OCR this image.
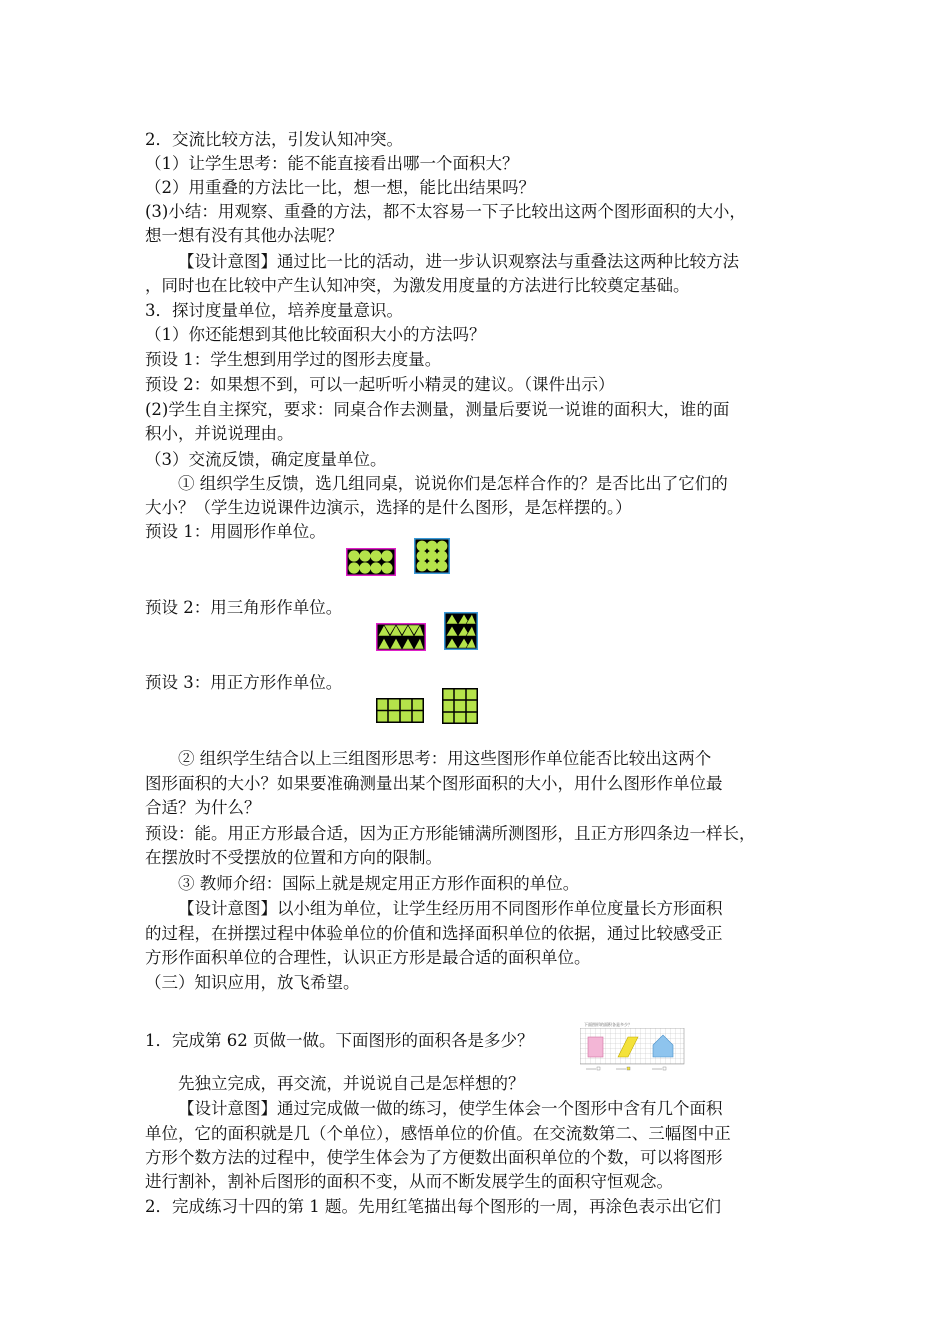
2．交流比较方法，引发认知冲突。
（1）让学生思考：能不能直接看出哪一个面积大？
（2）用重叠的方法比一比，想一想，能比出结果吗？
(3)小结：用观察、重叠的方法，都不太容易一下子比较出这两个图形面积的大小，
想一想有没有其他办法呢？
【设计意图】通过比一比的活动，进一步认识观察法与重叠法这两种比较方法
，同时也在比较中产生认知冲突，为激发用度量的方法进行比较奠定基础。
3．探讨度量单位，培养度量意识。
（1）你还能想到其他比较面积大小的方法吗？
预设 1：学生想到用学过的图形去度量。
预设 2：如果想不到，可以一起听听小精灵的建议。（课件出示）
(2)学生自主探究，要求：同桌合作去测量，测量后要说一说谁的面积大，谁的面
积小，并说说理由。
（3）交流反馈，确定度量单位。
① 组织学生反馈，选几组同桌，说说你们是怎样合作的？是否比出了它们的
大小？（学生边说课件边演示，选择的是什么图形，是怎样摆的。）
预设 1：用圆形作单位。
预设 2：用三角形作单位。
预设 3：用正方形作单位。
② 组织学生结合以上三组图形思考：用这些图形作单位能否比较出这两个
图形面积的大小？如果要准确测量出某个图形面积的大小，用什么图形作单位最
合适？为什么？
预设：能。用正方形最合适，因为正方形能铺满所测图形，且正方形四条边一样长，
在摆放时不受摆放的位置和方向的限制。
③ 教师介绍：国际上就是规定用正方形作面积的单位。
【设计意图】以小组为单位，让学生经历用不同图形作单位度量长方形面积
的过程，在拼摆过程中体验单位的价值和选择面积单位的依据，通过比较感受正
方形作面积单位的合理性，认识正方形是最合适的面积单位。
（三）知识应用，放飞希望。
1．完成第 62 页做一做。下面图形的面积各是多少？
下面图形的面积各是多少？
先独立完成，再交流，并说说自己是怎样想的？
【设计意图】通过完成做一做的练习，使学生体会一个图形中含有几个面积
单位，它的面积就是几（个单位），感悟单位的价值。在交流数第二、三幅图中正
方形个数方法的过程中，使学生体会为了方便数出面积单位的个数，可以将图形
进行割补，割补后图形的面积不变，从而不断发展学生的面积守恒观念。
2．完成练习十四的第 1 题。先用红笔描出每个图形的一周，再涂色表示出它们
